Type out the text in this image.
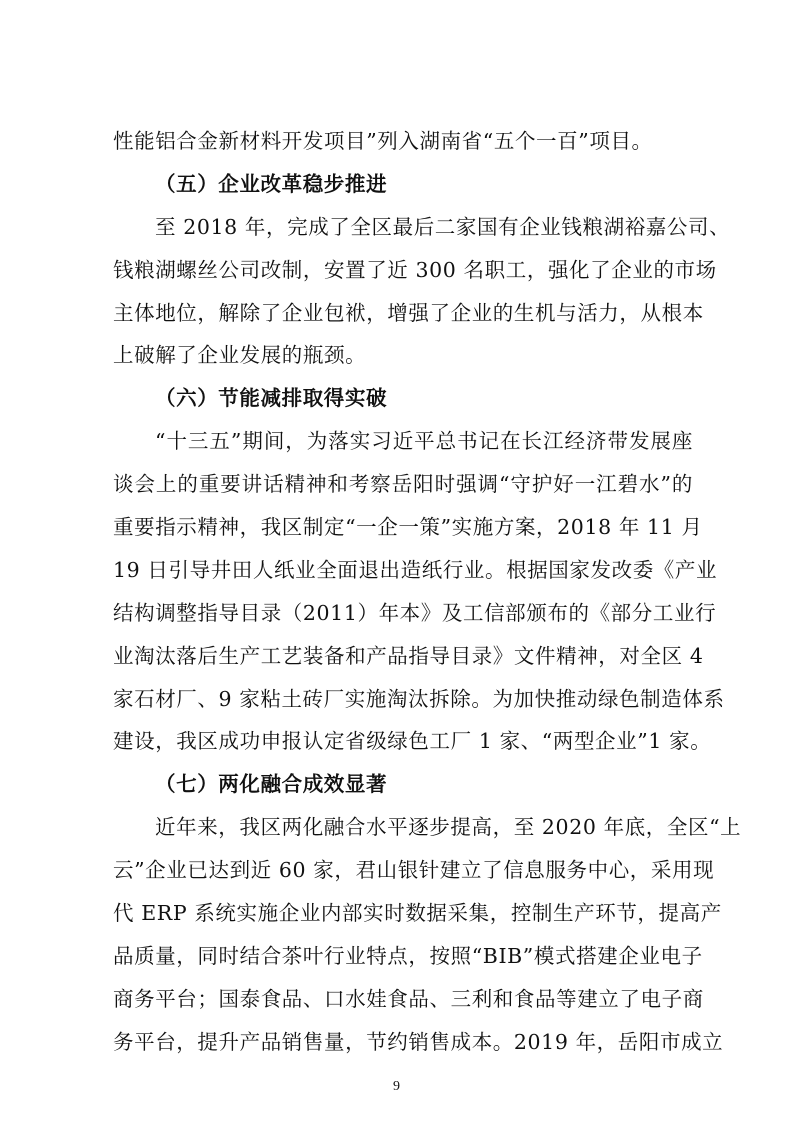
性能铝合金新材料开发项目”列入湖南省“五个一百”项目。
（五）企业改革稳步推进
至 2018 年，完成了全区最后二家国有企业钱粮湖裕嘉公司、
钱粮湖螺丝公司改制，安置了近 300 名职工，强化了企业的市场
主体地位，解除了企业包袱，增强了企业的生机与活力，从根本
上破解了企业发展的瓶颈。
（六）节能减排取得实破
“十三五”期间，为落实习近平总书记在长江经济带发展座
谈会上的重要讲话精神和考察岳阳时强调“守护好一江碧水”的
重要指示精神，我区制定“一企一策”实施方案，2018 年 11 月
19 日引导井田人纸业全面退出造纸行业。根据国家发改委《产业
结构调整指导目录（2011）年本》及工信部颁布的《部分工业行
业淘汰落后生产工艺装备和产品指导目录》文件精神，对全区 4
家石材厂、9 家粘土砖厂实施淘汰拆除。为加快推动绿色制造体系
建设，我区成功申报认定省级绿色工厂 1 家、“两型企业”1 家。
（七）两化融合成效显著
近年来，我区两化融合水平逐步提高，至 2020 年底，全区“上
云”企业已达到近 60 家，君山银针建立了信息服务中心，采用现
代 ERP 系统实施企业内部实时数据采集，控制生产环节，提高产
品质量，同时结合茶叶行业特点，按照“BIB”模式搭建企业电子
商务平台；国泰食品、口水娃食品、三利和食品等建立了电子商
务平台，提升产品销售量，节约销售成本。2019 年，岳阳市成立
9
